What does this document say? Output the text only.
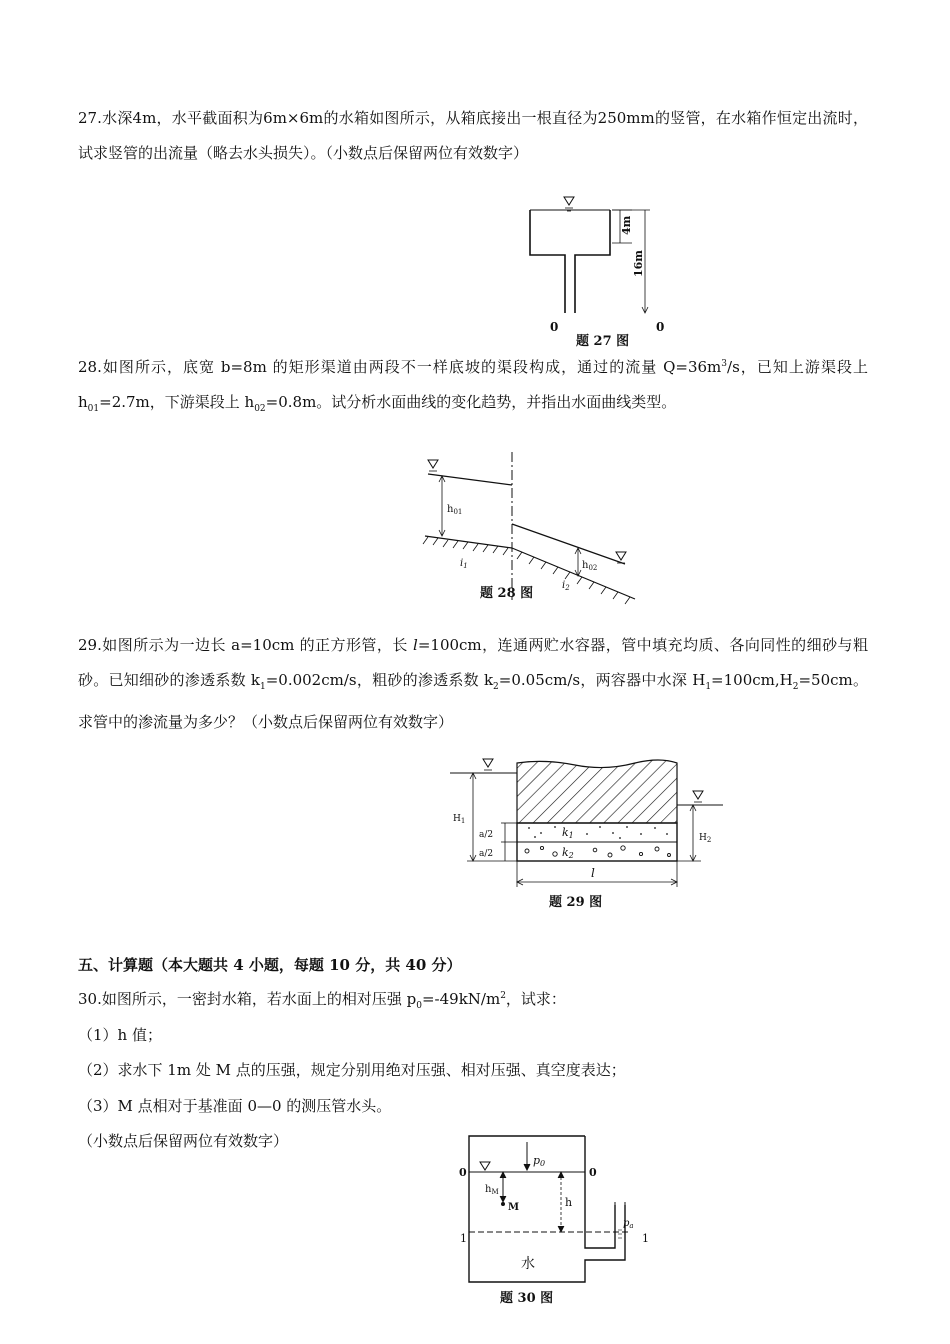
27.水深4m，水平截面积为6m×6m的水箱如图所示，从箱底接出一根直径为250mm的竖管，在水箱作恒定出流时，试求竖管的出流量（略去水头损失）。（小数点后保留两位有效数字）
4m
16m
0	0
题 27 图
28.如图所示，底宽 b=8m 的矩形渠道由两段不一样底坡的渠段构成，通过的流量 $Q=36m^3/s$，已知上游渠段上 $h_{01}=2.7m$，下游渠段上 $h_{02}=0.8m$。试分析水面曲线的变化趋势，并指出水面曲线类型。
$h_{01}$
$i_1$	$h_{02}$
$i_2$
题 28 图
29.如图所示为一边长 a=10cm 的正方形管，长 l=100cm，连通两贮水容器，管中填充均质、各向同性的细砂与粗砂。已知细砂的渗透系数 $k_1=0.002cm/s$，粗砂的渗透系数 $k_2=0.05cm/s$，两容器中水深 $H_1=100cm,H_2=50cm$。求管中的渗流量为多少？（小数点后保留两位有效数字）
k1
k2
$H_1$
a/2
a/2
$H_2$
l
题 29 图
五、计算题（本大题共 4 小题，每题 10 分，共 40 分）
30.如图所示，一密封水箱，若水面上的相对压强 $p_0=-49kN/m^2$，试求：
（1）h 值；
（2）求水下 1m 处 M 点的压强，规定分别用绝对压强、相对压强、真空度表达；
（3）M 点相对于基准面 0—0 的测压管水头。
（小数点后保留两位有效数字）
0	0
p0
$h_M$
M	h
1	1
$p_a$
水
题 30 图
